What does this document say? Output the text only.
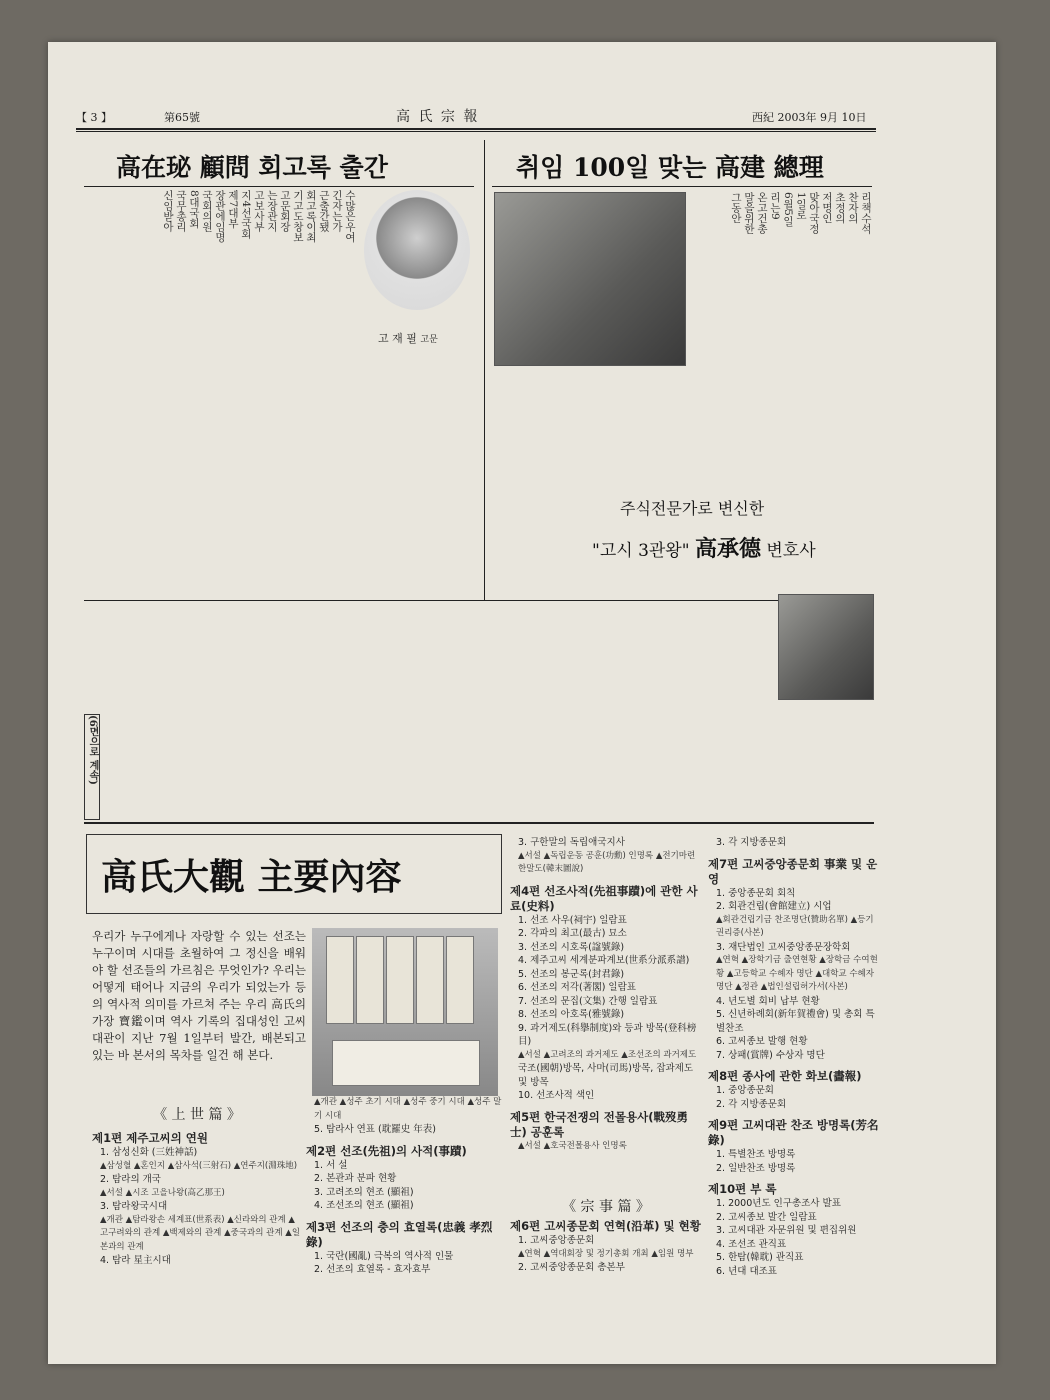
【 3 】	第65號	高 氏 宗 報	西紀 2003年 9月 10日
高在珌 顧問 회고록 출간
고 재 필 고문
수많은우여
긴자는가
근출간됐
회고록이최
기고도창보
고문회장
는장관지
고보사부
지4선국회
제7대부
장관에임명
국회의원
8대국회
국무총리
신임받아
취임 100일 맞는 高建 總理
리책수석
찬자의
초정의
저명인
맞아국정
1일로
6월5일
리는9
온고건총
말을위한
그동안
주식전문가로 변신한
"고시 3관왕" 高承德 변호사
(6면으로 계속)
高氏大觀 主要內容
우리가 누구에게나 자랑할 수 있는 선조는 누구이며 시대를 초월하여 그 정신을 배워야 할 선조들의 가르침은 무엇인가? 우리는 어떻게 태어나 지금의 우리가 되었는가 등의 역사적 의미를 가르쳐 주는 우리 高氏의 가장 寶鑑이며 역사 기록의 집대성인 고씨대관이 지난 7월 1일부터 발간, 배본되고 있는 바 본서의 목차를 일건 해 본다.
《 上 世 篇 》
제1편 제주고씨의 연원
1. 삼성신화 (三姓神話)
▲삼성혈 ▲혼인지 ▲삼사석(三射石) ▲연주지(淵珠地)
2. 탐라의 개국
▲서설 ▲시조 고을나왕(高乙那王)
3. 탐라왕국시대
▲개관 ▲탐라왕손 세계표(世系表) ▲신라와의 관계 ▲고구려와의 관계 ▲백제와의 관계 ▲중국과의 관계 ▲일본과의 관계
4. 탐라 星主시대
▲개관 ▲성주 초기 시대 ▲성주 중기 시대 ▲성주 말기 시대
5. 탐라사 연표 (耽羅史 年表)
제2편 선조(先祖)의 사적(事蹟)
1. 서 설
2. 본관과 분파 현황
3. 고려조의 현조 (顯祖)
4. 조선조의 현조 (顯祖)
제3편 선조의 충의 효열록(忠義 孝烈錄)
1. 국란(國亂) 극복의 역사적 인물
2. 선조의 효열록 - 효자효부
3. 구한말의 독립애국지사
▲서설 ▲독립운동 공훈(功勳) 인명록 ▲전기마련 한말도(韓末圖說)
제4편 선조사적(先祖事蹟)에 관한 사료(史料)
1. 선조 사우(祠宇) 일람표
2. 각파의 최고(最古) 묘소
3. 선조의 시호록(諡號錄)
4. 제주고씨 세계분파계보(世系分派系譜)
5. 선조의 봉군록(封君錄)
6. 선조의 저각(著閣) 일람표
7. 선조의 문집(文集) 간행 일람표
8. 선조의 아호록(雅號錄)
9. 과거제도(科擧制度)와 등과 방목(登科榜目)
▲서설 ▲고려조의 과거제도 ▲조선조의 과거제도
국조(國朝)방목, 사마(司馬)방목, 잡과제도 및 방목
10. 선조사적 색인
제5편 한국전쟁의 전몰용사(戰歿勇士) 공훈록
▲서설 ▲호국전몰용사 인명록
《 宗 事 篇 》
제6편 고씨종문회 연혁(沿革) 및 현황
1. 고씨중앙종문회
▲연혁 ▲역대회장 및 정기총회 개최 ▲임원 명부
2. 고씨중앙종문회 총본부
3. 각 지방종문회
제7편 고씨중앙종문회 事業 및 운영
1. 중앙종문회 회칙
2. 회관건립(會館建立) 시업
▲회관건립기금 찬조명단(贊助名單) ▲등기권리증(사본)
3. 재단법인 고씨중앙종문장학회
▲연혁 ▲장학기금 출연현황 ▲장학금 수여현황 ▲고등학교 수혜자 명단 ▲대학교 수혜자 명단 ▲정관 ▲법인설립허가서(사본)
4. 년도별 회비 납부 현황
5. 신년하례회(新年賀禮會) 및 총회 특별찬조
6. 고씨종보 발행 현황
7. 상패(賞牌) 수상자 명단
제8편 종사에 관한 화보(畵報)
1. 중앙종문회
2. 각 지방종문회
제9편 고씨대관 찬조 방명록(芳名錄)
1. 특별찬조 방명록
2. 일반찬조 방명록
제10편 부 록
1. 2000년도 인구총조사 발표
2. 고씨종보 발간 일람표
3. 고씨대관 자문위원 및 편집위원
4. 조선조 관직표
5. 한탐(韓耽) 관직표
6. 년대 대조표
